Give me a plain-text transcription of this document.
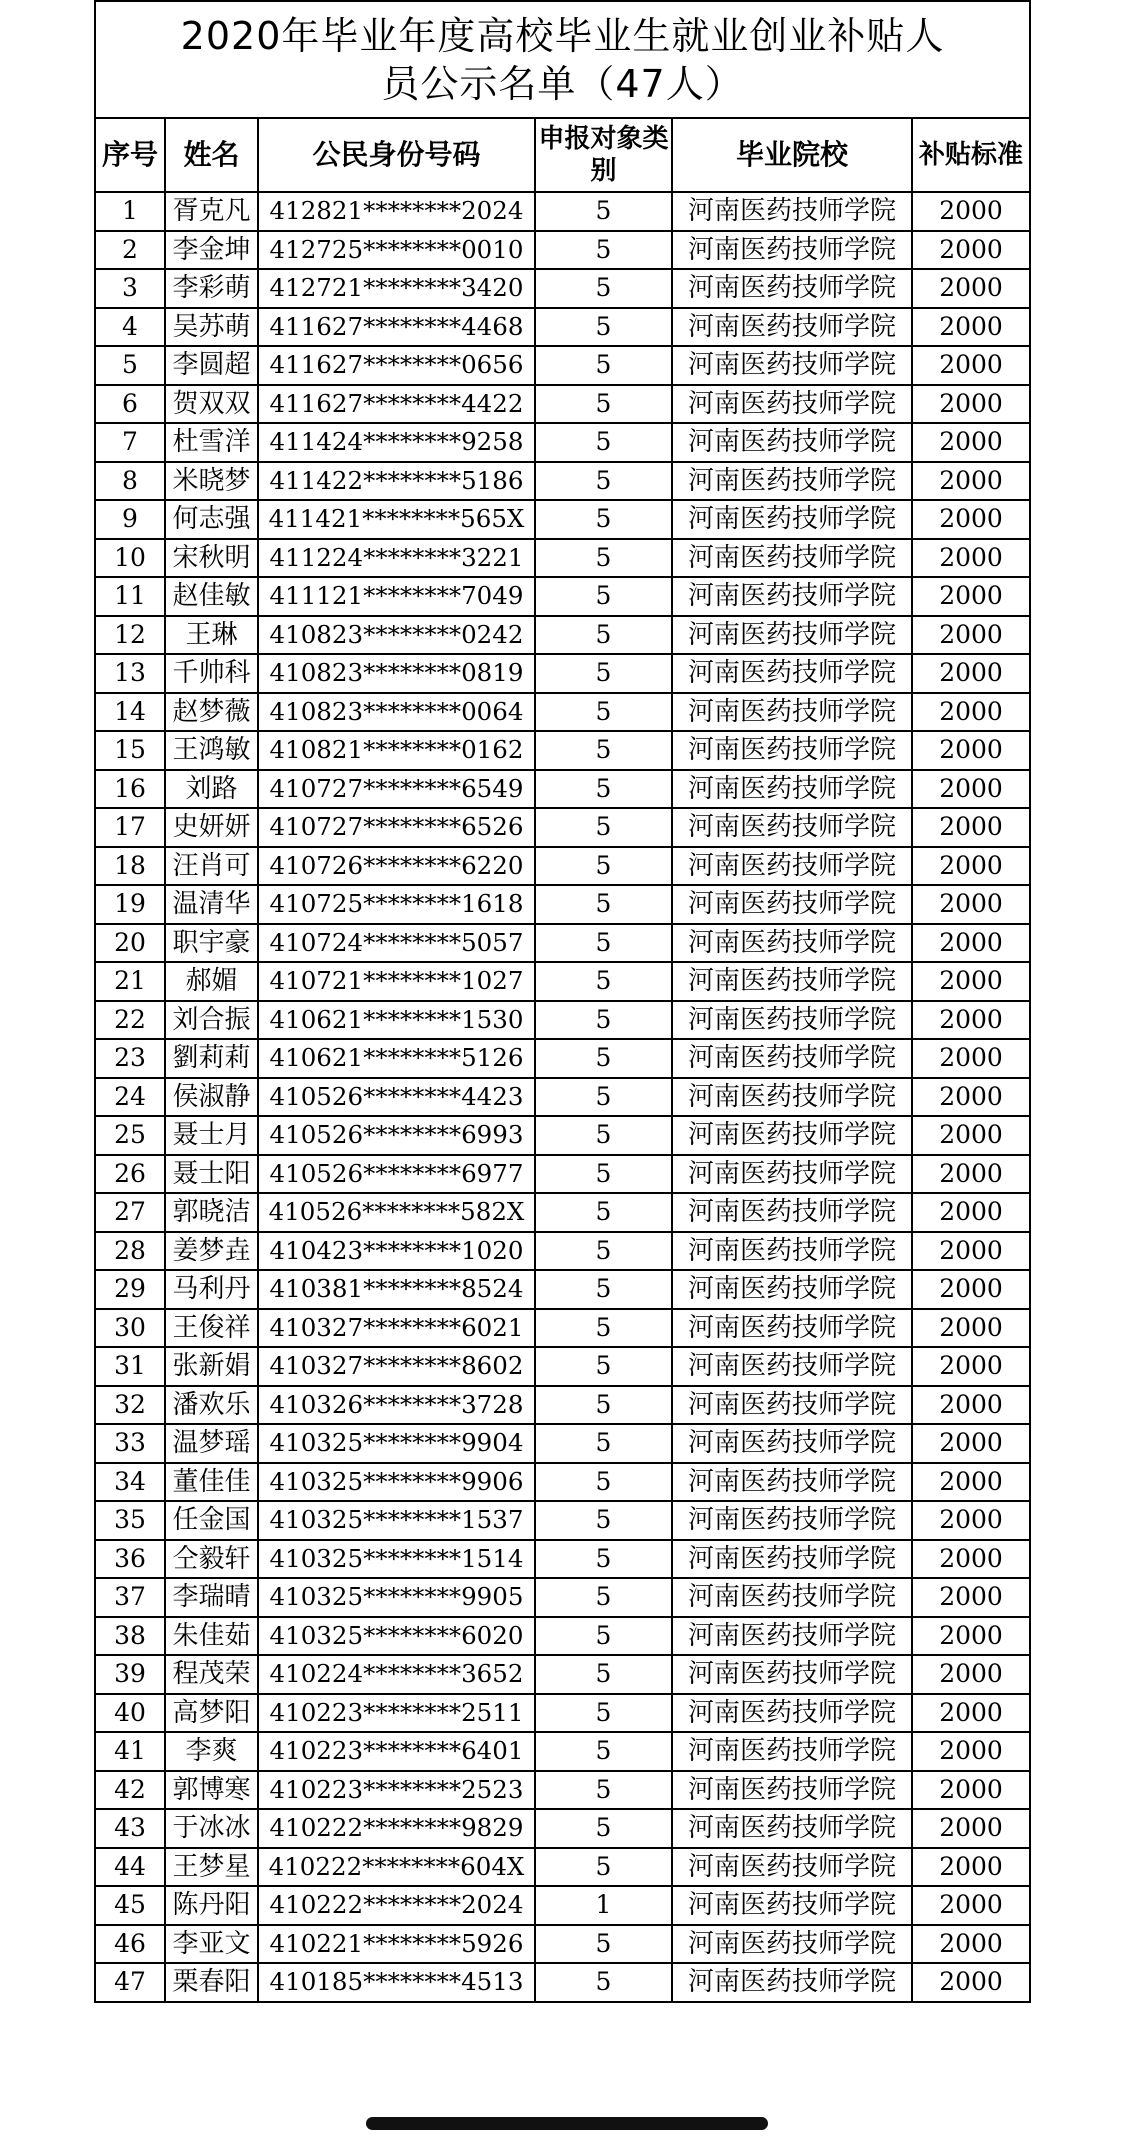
2020年毕业年度高校毕业生就业创业补贴人
员公示名单（47人）					

序号	姓名	公民身份号码	申报对象类别	毕业院校	补贴标准
1	胥克凡	412821********2024	5	河南医药技师学院	2000
2	李金坤	412725********0010	5	河南医药技师学院	2000
3	李彩萌	412721********3420	5	河南医药技师学院	2000
4	吴苏萌	411627********4468	5	河南医药技师学院	2000
5	李圆超	411627********0656	5	河南医药技师学院	2000
6	贺双双	411627********4422	5	河南医药技师学院	2000
7	杜雪洋	411424********9258	5	河南医药技师学院	2000
8	米晓梦	411422********5186	5	河南医药技师学院	2000
9	何志强	411421********565X	5	河南医药技师学院	2000
10	宋秋明	411224********3221	5	河南医药技师学院	2000
11	赵佳敏	411121********7049	5	河南医药技师学院	2000
12	王琳	410823********0242	5	河南医药技师学院	2000
13	千帅科	410823********0819	5	河南医药技师学院	2000
14	赵梦薇	410823********0064	5	河南医药技师学院	2000
15	王鸿敏	410821********0162	5	河南医药技师学院	2000
16	刘路	410727********6549	5	河南医药技师学院	2000
17	史妍妍	410727********6526	5	河南医药技师学院	2000
18	汪肖可	410726********6220	5	河南医药技师学院	2000
19	温清华	410725********1618	5	河南医药技师学院	2000
20	职宇豪	410724********5057	5	河南医药技师学院	2000
21	郝媚	410721********1027	5	河南医药技师学院	2000
22	刘合振	410621********1530	5	河南医药技师学院	2000
23	劉莉莉	410621********5126	5	河南医药技师学院	2000
24	侯淑静	410526********4423	5	河南医药技师学院	2000
25	聂士月	410526********6993	5	河南医药技师学院	2000
26	聂士阳	410526********6977	5	河南医药技师学院	2000
27	郭晓洁	410526********582X	5	河南医药技师学院	2000
28	姜梦垚	410423********1020	5	河南医药技师学院	2000
29	马利丹	410381********8524	5	河南医药技师学院	2000
30	王俊祥	410327********6021	5	河南医药技师学院	2000
31	张新娟	410327********8602	5	河南医药技师学院	2000
32	潘欢乐	410326********3728	5	河南医药技师学院	2000
33	温梦瑶	410325********9904	5	河南医药技师学院	2000
34	董佳佳	410325********9906	5	河南医药技师学院	2000
35	任金国	410325********1537	5	河南医药技师学院	2000
36	仝毅轩	410325********1514	5	河南医药技师学院	2000
37	李瑞晴	410325********9905	5	河南医药技师学院	2000
38	朱佳茹	410325********6020	5	河南医药技师学院	2000
39	程茂荣	410224********3652	5	河南医药技师学院	2000
40	高梦阳	410223********2511	5	河南医药技师学院	2000
41	李爽	410223********6401	5	河南医药技师学院	2000
42	郭博寒	410223********2523	5	河南医药技师学院	2000
43	于冰冰	410222********9829	5	河南医药技师学院	2000
44	王梦星	410222********604X	5	河南医药技师学院	2000
45	陈丹阳	410222********2024	1	河南医药技师学院	2000
46	李亚文	410221********5926	5	河南医药技师学院	2000
47	栗春阳	410185********4513	5	河南医药技师学院	2000
